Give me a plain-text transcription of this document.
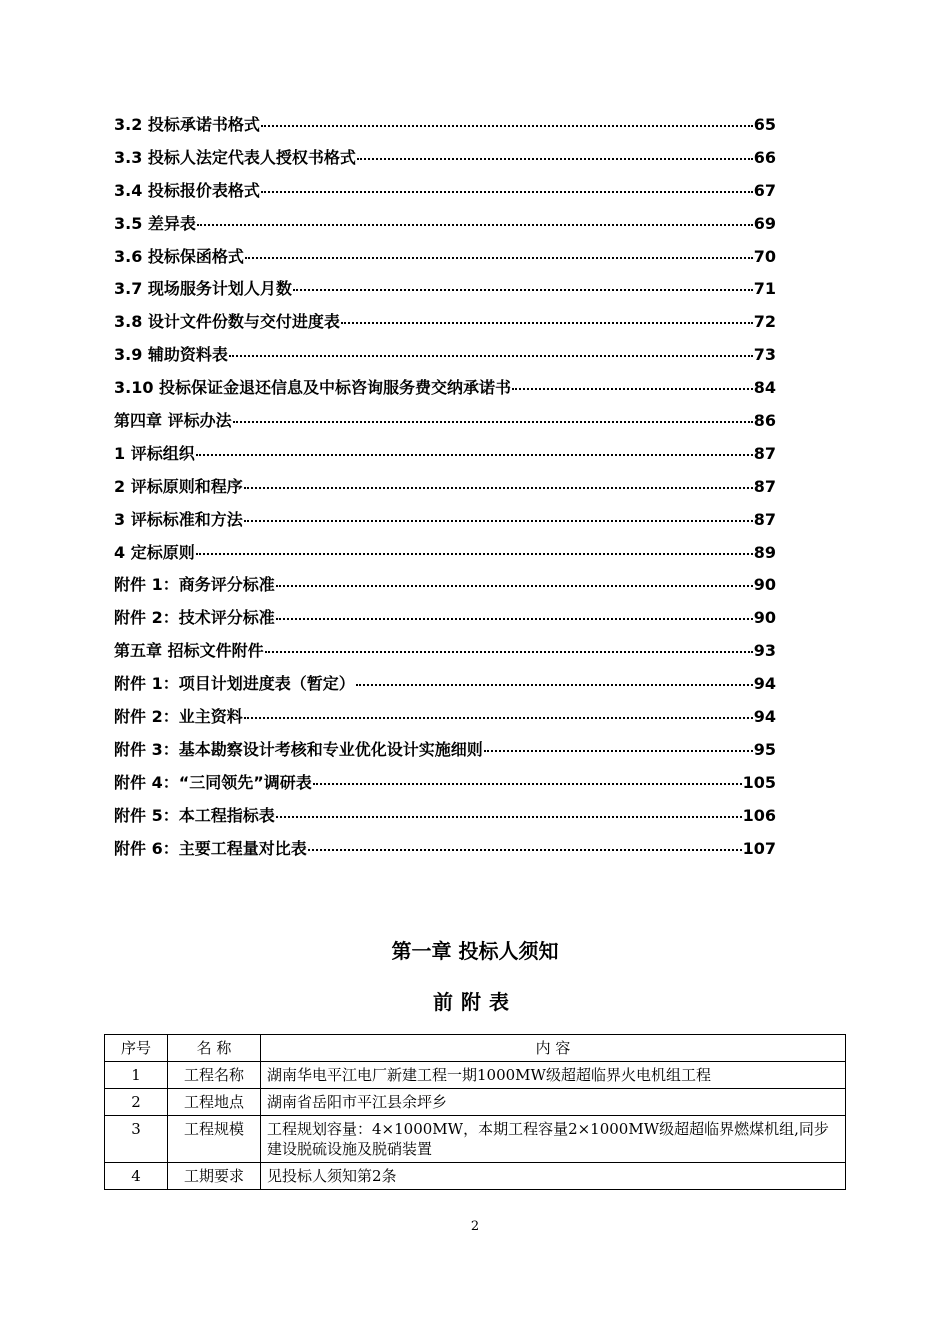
3.2 投标承诺书格式	65
3.3 投标人法定代表人授权书格式	66
3.4 投标报价表格式	67
3.5 差异表	69
3.6 投标保函格式	70
3.7 现场服务计划人月数	71
3.8 设计文件份数与交付进度表	72
3.9 辅助资料表	73
3.10 投标保证金退还信息及中标咨询服务费交纳承诺书	84
第四章 评标办法	86
1 评标组织	87
2 评标原则和程序	87
3 评标标准和方法	87
4 定标原则	89
附件 1：商务评分标准	90
附件 2：技术评分标准	90
第五章 招标文件附件	93
附件 1：项目计划进度表（暂定）	94
附件 2：业主资料	94
附件 3：基本勘察设计考核和专业优化设计实施细则	95
附件 4：“三同领先”调研表	105
附件 5：本工程指标表	106
附件 6：主要工程量对比表	107
第一章 投标人须知
前附表
序号	名 称	内 容
1	工程名称	湖南华电平江电厂新建工程一期1000MW级超超临界火电机组工程
2	工程地点	湖南省岳阳市平江县余坪乡
3	工程规模	工程规划容量：4×1000MW，本期工程容量2×1000MW级超超临界燃煤机组,同步建设脱硫设施及脱硝装置
4	工期要求	见投标人须知第2条
2
